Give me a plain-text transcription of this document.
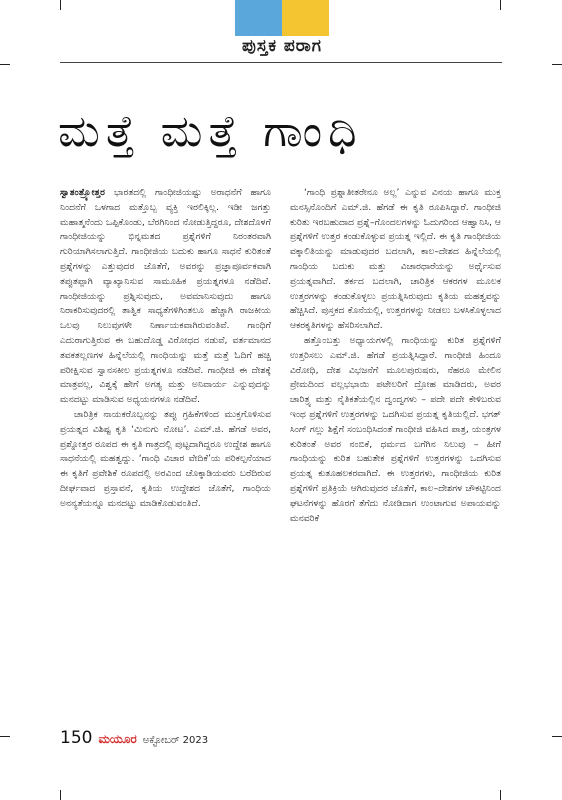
ಪುಸ್ತಕ ಪರಾಗ
ಮತ್ತೆ ಮತ್ತೆ ಗಾಂಧಿ

ಸ್ವಾತಂತ್ರ್ಯೋತ್ತರ ಭಾರತದಲ್ಲಿ ಗಾಂಧೀಜಿಯಷ್ಟು ಅರಾಧನೆಗೆ ಹಾಗೂ ನಿಂದನೆಗೆ ಒಳಗಾದ ಮತ್ತೊಬ್ಬ ವ್ಯಕ್ತಿ ಇರಲಿಕ್ಕಿಲ್ಲ. ಇಡೀ ಜಗತ್ತು ಮಹಾತ್ಮನೆಂದು ಒಪ್ಪಿಕೊಂಡು, ಬೆರಗಿನಿಂದ ನೋಡುತ್ತಿದ್ದರೂ, ದೇಶದೊಳಗೆ ಗಾಂಧೀಜಿಯನ್ನು ಭಿನ್ನಮತದ ಪ್ರಶ್ನೆಗಳಿಗೆ ನಿರಂತರವಾಗಿ ಗುರಿಯಾಗಿಸಲಾಗುತ್ತಿದೆ. ಗಾಂಧೀಜಿಯ ಬದುಕು ಹಾಗೂ ಸಾಧನೆ ಕುರಿತಂತೆ ಪ್ರಶ್ನೆಗಳನ್ನು ಎತ್ತುವುದರ ಜೊತೆಗೆ, ಅವರನ್ನು ಪ್ರಜ್ಞಾಪೂರ್ವಕವಾಗಿ ತಪ್ಪುತಪ್ಪಾಗಿ ವ್ಯಾಖ್ಯಾನಿಸುವ ಸಾಮೂಹಿಕ ಪ್ರಯತ್ನಗಳೂ ನಡೆದಿವೆ. ಗಾಂಧೀಜಿಯನ್ನು ಪ್ರಶ್ನಿಸುವುದು, ಅವಮಾನಿಸುವುದು ಹಾಗೂ ನಿರಾಕರಿಸುವುದರಲ್ಲಿ ತಾತ್ವಿಕ ಸಾಧ್ಯತೆಗಳಿಗಿಂತಲೂ ಹೆಚ್ಚಾಗಿ ರಾಜಕೀಯ ಒಲವು ನಿಲುವುಗಳೇ ನಿರ್ಣಾಯಕವಾಗಿರುವಂತಿವೆ. ಗಾಂಧಿಗೆ ಎದುರಾಗುತ್ತಿರುವ ಈ ಬಹುದೊಡ್ಡ ವಿರೋಧದ ನಡುವೆ, ವರ್ತಮಾನದ ತವಕತಲ್ಲಣಗಳ ಹಿನ್ನೆಲೆಯಲ್ಲಿ ಗಾಂಧಿಯನ್ನು ಮತ್ತೆ ಮತ್ತೆ ಓದಿಗೆ ಹಚ್ಚಿ ಪರೀಕ್ಷಿಸುವ ಸ್ವಾನಸಕೀಲ ಪ್ರಯತ್ನಗಳೂ ನಡೆದಿವೆ. ಗಾಂಧೀಜಿ ಈ ದೇಶಕ್ಕೆ ಮಾತ್ರವಲ್ಲ, ವಿಶ್ವಕ್ಕೆ ಹೇಗೆ ಅಗತ್ಯ ಮತ್ತು ಅನಿವಾರ್ಯ ಎನ್ನುವುದನ್ನು ಮನದಟ್ಟು ಮಾಡಿಸುವ ಅಧ್ಯಯನಗಳೂ ನಡೆದಿವೆ.

ಚಾರಿತ್ರಿಕ ನಾಯಕರೊಬ್ಬನನ್ನು ತಪ್ಪು ಗ್ರಹಿಕೆಗಳಿಂದ ಮುಕ್ತಗೊಳಿಸುವ ಪ್ರಯತ್ನದ ವಿಶಿಷ್ಟ ಕೃತಿ ‘ಮಿನುಗು ನೋಟ’. ಎಮ್.ಜಿ. ಹೆಗಡೆ ಅವರ, ಪ್ರಶ್ನೋತ್ತರ ರೂಪದ ಈ ಕೃತಿ ಗಾತ್ರದಲ್ಲಿ ಪುಟ್ಟದಾಗಿದ್ದರೂ ಉದ್ದೇಶ ಹಾಗೂ ಸಾಧನೆಯಲ್ಲಿ ಮಹತ್ವದ್ದು. ‘ಗಾಂಧಿ ವಿಚಾರ ವೇದಿಕೆ’ಯ ಪರಿಕಲ್ಪನೆಯಾದ ಈ ಕೃತಿಗೆ ಪ್ರವೇಶಿಕೆ ರೂಪದಲ್ಲಿ ಅರವಿಂದ ಚೊಕ್ಕಾಡಿಯವರು ಬರೆದಿರುವ ದೀರ್ಘವಾದ ಪ್ರಸ್ತಾವನೆ, ಕೃತಿಯ ಉದ್ದೇಶದ ಜೊತೆಗೆ, ಗಾಂಧಿಯ ಅನನ್ಯತೆಯನ್ನೂ ಮನದಟ್ಟು ಮಾಡಿಕೊಡುವಂತಿದೆ.

‘ಗಾಂಧಿ ಪ್ರಶ್ನಾತೀತರೇನೂ ಅಲ್ಲ’ ಎನ್ನುವ ವಿನಯ ಹಾಗೂ ಮುಕ್ತ ಮನಸ್ಸಿನೊಂದಿಗೆ ಎಮ್.ಜಿ. ಹೆಗಡೆ ಈ ಕೃತಿ ರೂಪಿಸಿದ್ದಾರೆ. ಗಾಂಧೀಜಿ ಕುರಿತು ಇರಬಹುದಾದ ಪ್ರಶ್ನೆ–ಗೊಂದಲಗಳನ್ನು ಓದುಗರಿಂದ ಆಹ್ವಾನಿಸಿ, ಆ ಪ್ರಶ್ನೆಗಳಿಗೆ ಉತ್ತರ ಕಂಡುಕೊಳ್ಳುವ ಪ್ರಯತ್ನ ಇಲ್ಲಿದೆ. ಈ ಕೃತಿ ಗಾಂಧೀಜಿಯ ವಕ್ಕಾಲಿತಿಯನ್ನು ಮಾಡುವುದರ ಬದಲಾಗಿ, ಕಾಲ–ದೇಶದ ಹಿನ್ನೆಲೆಯಲ್ಲಿ ಗಾಂಧಿಯ ಬದುಕು ಮತ್ತು ವಿಚಾರಧಾರೆಯನ್ನು ಅರ್ಥೈಸುವ ಪ್ರಯತ್ನವಾಗಿದೆ. ತರ್ಕದ ಬದಲಾಗಿ, ಚಾರಿತ್ರಿಕ ಆಕರಗಳ ಮೂಲಕ ಉತ್ತರಗಳನ್ನು ಕಂಡುಕೊಳ್ಳಲು ಪ್ರಯತ್ನಿಸಿರುವುದು ಕೃತಿಯ ಮಹತ್ವವನ್ನು ಹೆಚ್ಚಿಸಿದೆ. ಪುಸ್ತಕದ ಕೊನೆಯಲ್ಲಿ, ಉತ್ತರಗಳನ್ನು ನೀಡಲು ಬಳಸಿಕೊಳ್ಳಲಾದ ಆಕರಕೃತಿಗಳನ್ನು ಹೆಸರಿಸಲಾಗಿದೆ.

ಹತ್ತೊಂಬತ್ತು ಅಧ್ಯಾಯಗಳಲ್ಲಿ ಗಾಂಧಿಯನ್ನು ಕುರಿತ ಪ್ರಶ್ನೆಗಳಿಗೆ ಉತ್ತರಿಸಲು ಎಮ್.ಜಿ. ಹೆಗಡೆ ಪ್ರಯತ್ನಿಸಿದ್ದಾರೆ. ಗಾಂಧೀಜಿ ಹಿಂದೂ ವಿರೋಧಿ, ದೇಶ ವಿಭಜನೆಗೆ ಮೂಲಪುರುಷರು, ನೆಹರೂ ಮೇಲಿನ ಪ್ರೇಮದಿಂದ ವಲ್ಲಭಭಾಯಿ ಪಟೇಲರಿಗೆ ದ್ರೋಹ ಮಾಡಿದರು, ಅವರ ಚಾರಿತ್ರ್ಯ ಮತ್ತು ನೈತಿಕತೆಯಲ್ಲಿನ ದ್ವಂದ್ವಗಳು – ಪದೇ ಪದೇ ಕೇಳಿಬರುವ ಇಂಥ ಪ್ರಶ್ನೆಗಳಿಗೆ ಉತ್ತರಗಳನ್ನು ಒದಗಿಸುವ ಪ್ರಯತ್ನ ಕೃತಿಯಲ್ಲಿದೆ. ಭಗತ್ ಸಿಂಗ್ ಗಲ್ಲು ಶಿಕ್ಷೆಗೆ ಸಂಬಂಧಿಸಿದಂತೆ ಗಾಂಧೀಜಿ ವಹಿಸಿದ ಪಾತ್ರ, ಯಂತ್ರಗಳ ಕುರಿತಂತೆ ಅವರ ನಂಬಿಕೆ, ಧರ್ಮದ ಬಗೆಗಿನ ನಿಲುವು – ಹೀಗೆ ಗಾಂಧಿಯನ್ನು ಕುರಿತ ಬಹುತೇಕ ಪ್ರಶ್ನೆಗಳಿಗೆ ಉತ್ತರಗಳನ್ನು ಒದಗಿಸುವ ಪ್ರಯತ್ನ ಕುತೂಹಲಕರವಾಗಿದೆ. ಈ ಉತ್ತರಗಳು, ಗಾಂಧೀಜಿಯ ಕುರಿತ ಪ್ರಶ್ನೆಗಳಿಗೆ ಪ್ರತಿಕ್ರಿಯೆ ಆಗಿರುವುದರ ಜೊತೆಗೆ, ಕಾಲ–ದೇಶಗಳ ಚೌಕಟ್ಟಿನಿಂದ ಘಟನೆಗಳನ್ನು ಹೊರಗೆ ತೆಗೆದು ನೋಡಿದಾಗ ಉಂಟಾಗುವ ಅಪಾಯವನ್ನು ಮನವರಿಕೆ

150 ಮಯೂರ ಅಕ್ಟೋಬರ್ 2023
